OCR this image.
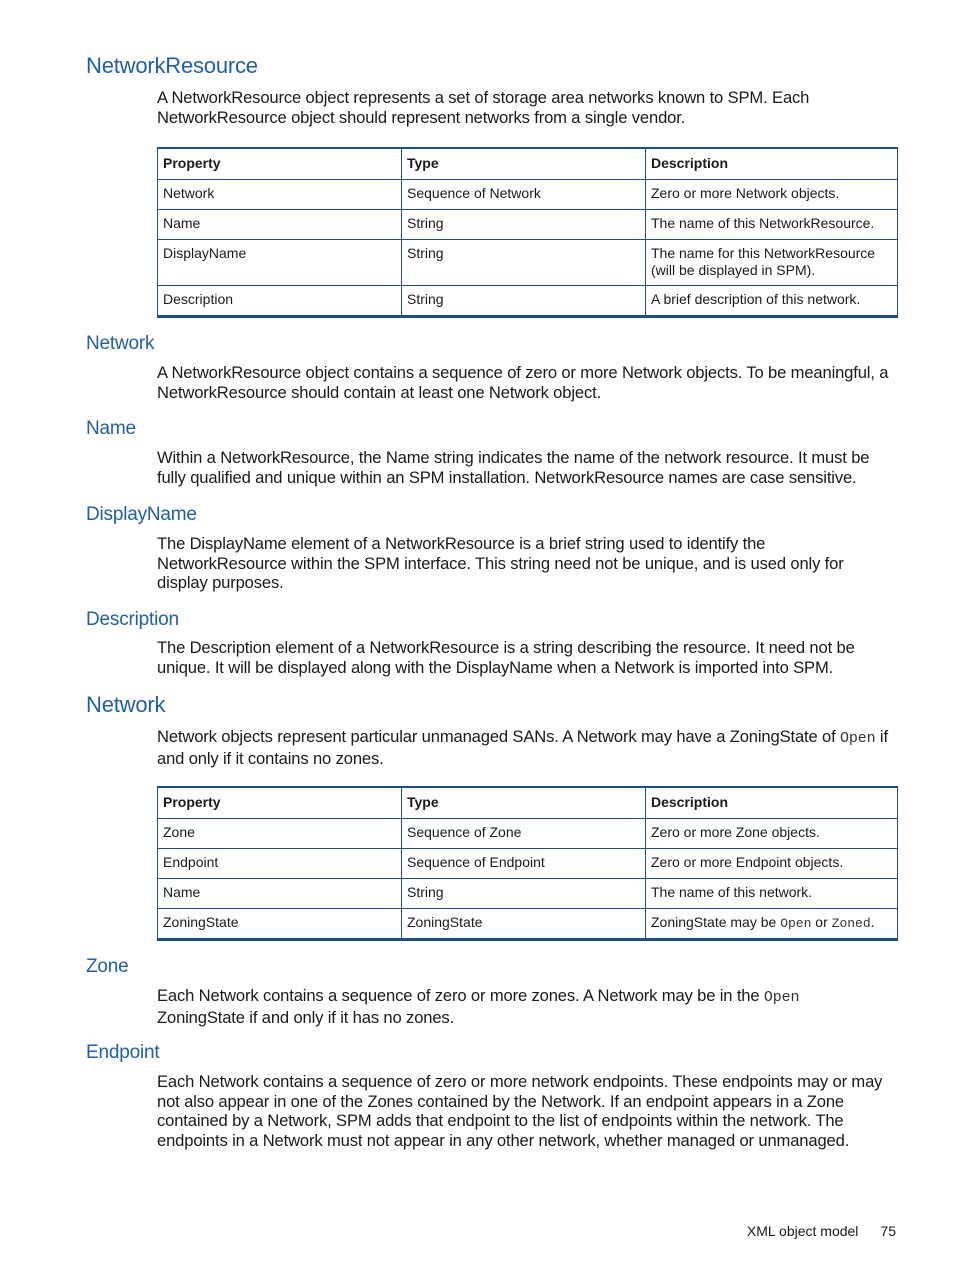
NetworkResource

A NetworkResource object represents a set of storage area networks known to SPM. Each NetworkResource object should represent networks from a single vendor.

Property	Type	Description
Network	Sequence of Network	Zero or more Network objects.
Name	String	The name of this NetworkResource.
DisplayName	String	The name for this NetworkResource (will be displayed in SPM).
Description	String	A brief description of this network.
Network

A NetworkResource object contains a sequence of zero or more Network objects. To be meaningful, a NetworkResource should contain at least one Network object.

Name

Within a NetworkResource, the Name string indicates the name of the network resource. It must be fully qualified and unique within an SPM installation. NetworkResource names are case sensitive.

DisplayName

The DisplayName element of a NetworkResource is a brief string used to identify the NetworkResource within the SPM interface. This string need not be unique, and is used only for display purposes.

Description

The Description element of a NetworkResource is a string describing the resource. It need not be unique. It will be displayed along with the DisplayName when a Network is imported into SPM.

Network

Network objects represent particular unmanaged SANs. A Network may have a ZoningState of Open if and only if it contains no zones.

Property	Type	Description
Zone	Sequence of Zone	Zero or more Zone objects.
Endpoint	Sequence of Endpoint	Zero or more Endpoint objects.
Name	String	The name of this network.
ZoningState	ZoningState	ZoningState may be Open or Zoned.
Zone

Each Network contains a sequence of zero or more zones. A Network may be in the Open ZoningState if and only if it has no zones.

Endpoint

Each Network contains a sequence of zero or more network endpoints. These endpoints may or may not also appear in one of the Zones contained by the Network. If an endpoint appears in a Zone contained by a Network, SPM adds that endpoint to the list of endpoints within the network. The endpoints in a Network must not appear in any other network, whether managed or unmanaged.

XML object model 75
